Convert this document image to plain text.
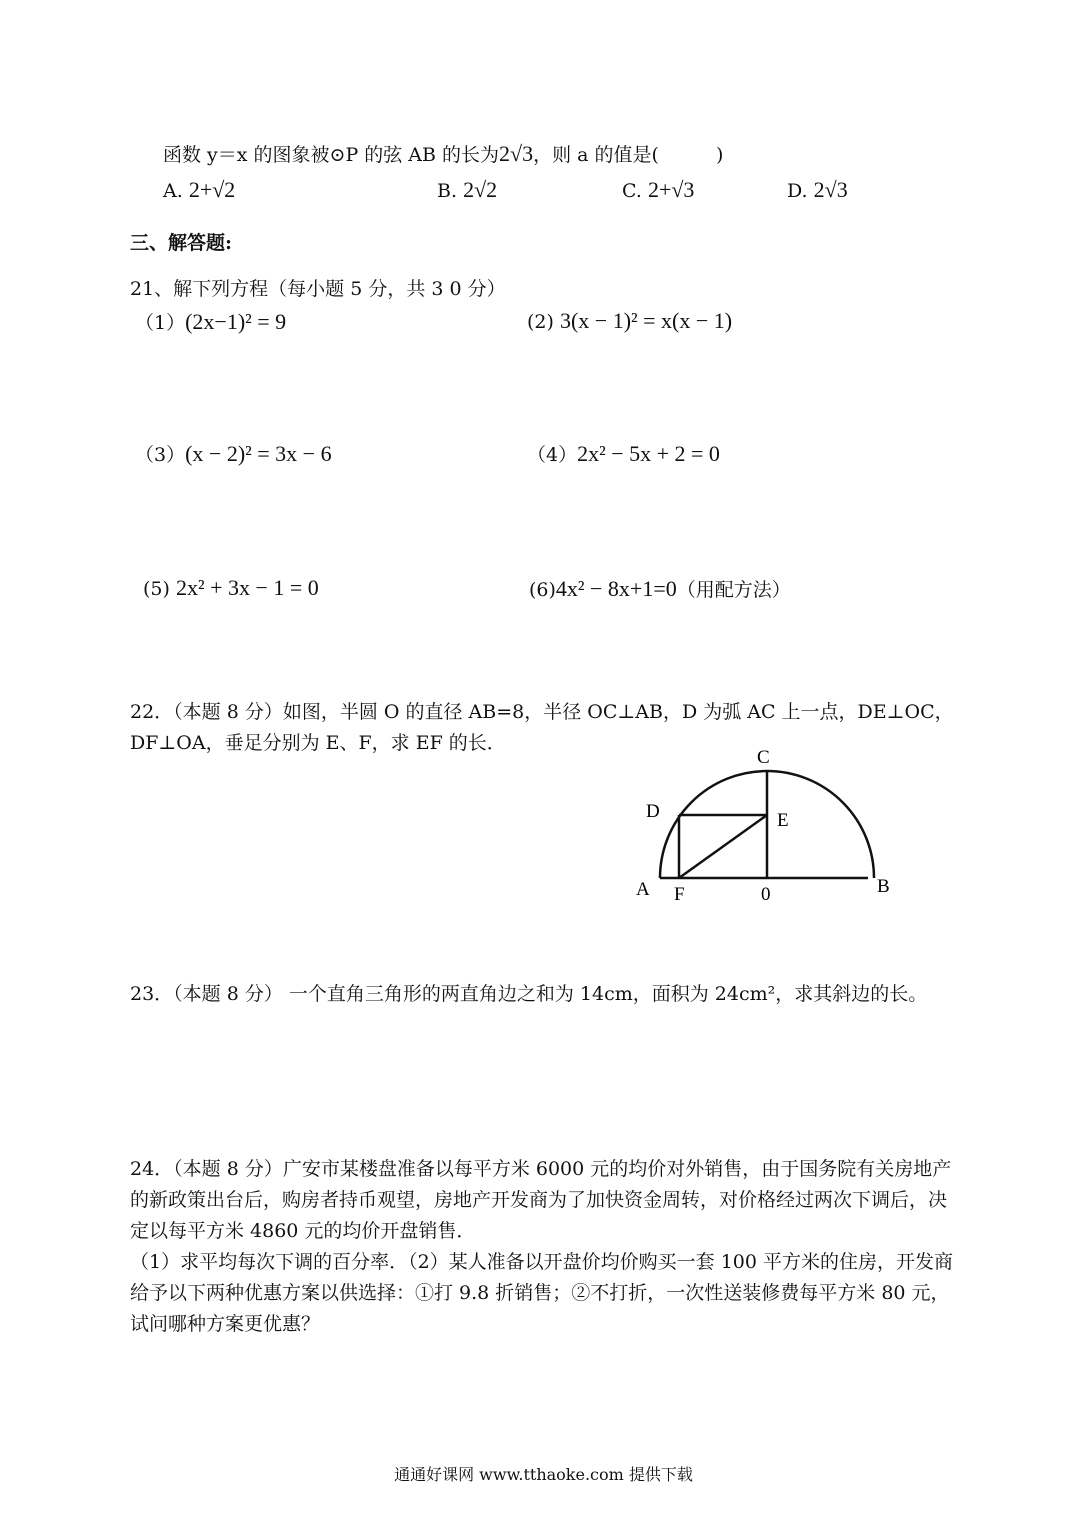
函数 y＝x 的图象被⊙P 的弦 AB 的长为2√3，则 a 的值是(　　　)
A. 2+√2	B. 2√2	C. 2+√3	D. 2√3
三、解答题:
21、解下列方程（每小题 5 分，共 3 0 分）
（1）(2x−1)² = 9	(2) 3(x − 1)² = x(x − 1)
（3）(x − 2)² = 3x − 6	（4）2x² − 5x + 2 = 0
(5) 2x² + 3x − 1 = 0	(6)4x² − 8x+1=0（用配方法）
22．（本题 8 分）如图，半圆 O 的直径 AB=8，半径 OC⊥AB，D 为弧 AC 上一点，DE⊥OC，DF⊥OA，垂足分别为 E、F，求 EF 的长．
C
D	E
A F	0	B
23．（本题 8 分） 一个直角三角形的两直角边之和为 14cm，面积为 24cm²，求其斜边的长。
24．（本题 8 分）广安市某楼盘准备以每平方米 6000 元的均价对外销售，由于国务院有关房地产的新政策出台后，购房者持币观望，房地产开发商为了加快资金周转，对价格经过两次下调后，决定以每平方米 4860 元的均价开盘销售．
（1）求平均每次下调的百分率．（2）某人准备以开盘价均价购买一套 100 平方米的住房，开发商给予以下两种优惠方案以供选择：①打 9.8 折销售；②不打折，一次性送装修费每平方米 80 元，试问哪种方案更优惠？
通通好课网 www.tthaoke.com 提供下载
